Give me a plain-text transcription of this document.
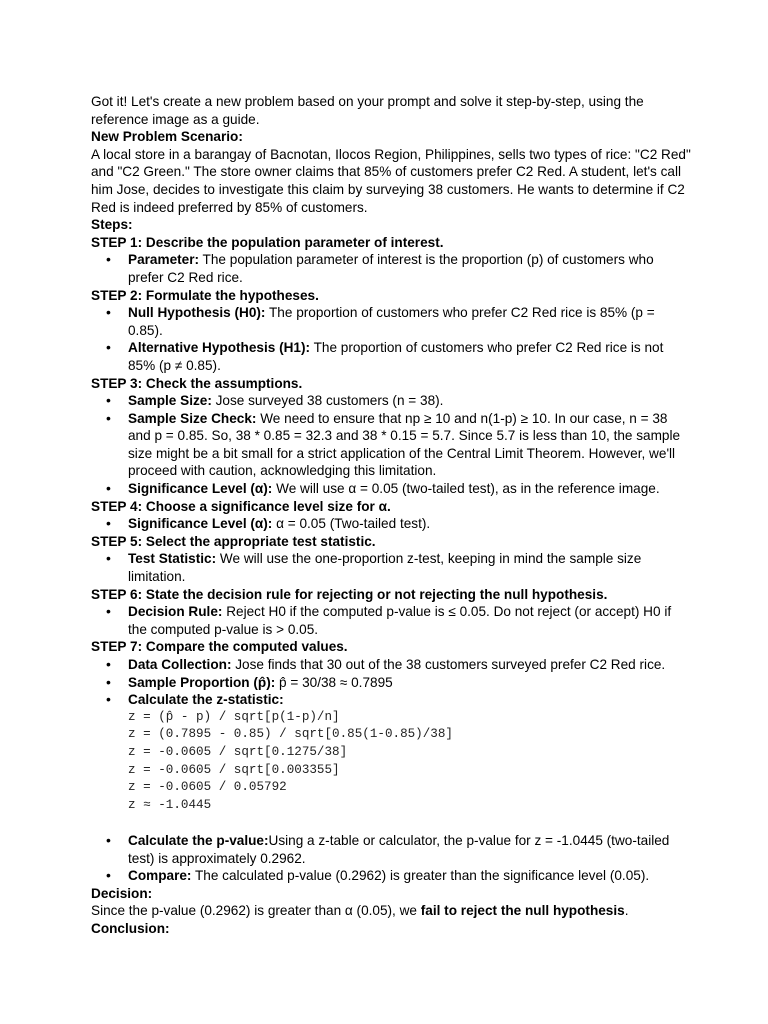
Got it! Let's create a new problem based on your prompt and solve it step-by-step, using the reference image as a guide.

New Problem Scenario:

A local store in a barangay of Bacnotan, Ilocos Region, Philippines, sells two types of rice: "C2 Red" and "C2 Green." The store owner claims that 85% of customers prefer C2 Red. A student, let's call him Jose, decides to investigate this claim by surveying 38 customers. He wants to determine if C2 Red is indeed preferred by 85% of customers.

Steps:

STEP 1: Describe the population parameter of interest.

• Parameter: The population parameter of interest is the proportion (p) of customers who prefer C2 Red rice.

STEP 2: Formulate the hypotheses.

• Null Hypothesis (H0): The proportion of customers who prefer C2 Red rice is 85% (p = 0.85).
• Alternative Hypothesis (H1): The proportion of customers who prefer C2 Red rice is not 85% (p ≠ 0.85).

STEP 3: Check the assumptions.

• Sample Size: Jose surveyed 38 customers (n = 38).
• Sample Size Check: We need to ensure that np ≥ 10 and n(1-p) ≥ 10. In our case, n = 38 and p = 0.85. So, 38 * 0.85 = 32.3 and 38 * 0.15 = 5.7. Since 5.7 is less than 10, the sample size might be a bit small for a strict application of the Central Limit Theorem. However, we'll proceed with caution, acknowledging this limitation.
• Significance Level (α): We will use α = 0.05 (two-tailed test), as in the reference image.

STEP 4: Choose a significance level size for α.

• Significance Level (α): α = 0.05 (Two-tailed test).

STEP 5: Select the appropriate test statistic.

• Test Statistic: We will use the one-proportion z-test, keeping in mind the sample size limitation.

STEP 6: State the decision rule for rejecting or not rejecting the null hypothesis.

• Decision Rule: Reject H0 if the computed p-value is ≤ 0.05. Do not reject (or accept) H0 if the computed p-value is > 0.05.

STEP 7: Compare the computed values.

• Data Collection: Jose finds that 30 out of the 38 customers surveyed prefer C2 Red rice.
• Sample Proportion (p̂): p̂ = 30/38 ≈ 0.7895
• Calculate the z-statistic:
z = (p̂ - p) / sqrt[p(1-p)/n]
z = (0.7895 - 0.85) / sqrt[0.85(1-0.85)/38]
z = -0.0605 / sqrt[0.1275/38]
z = -0.0605 / sqrt[0.003355]
z = -0.0605 / 0.05792
z ≈ -1.0445
• Calculate the p-value:Using a z-table or calculator, the p-value for z = -1.0445 (two-tailed test) is approximately 0.2962.
• Compare: The calculated p-value (0.2962) is greater than the significance level (0.05).

Decision:

Since the p-value (0.2962) is greater than α (0.05), we fail to reject the null hypothesis.

Conclusion:
